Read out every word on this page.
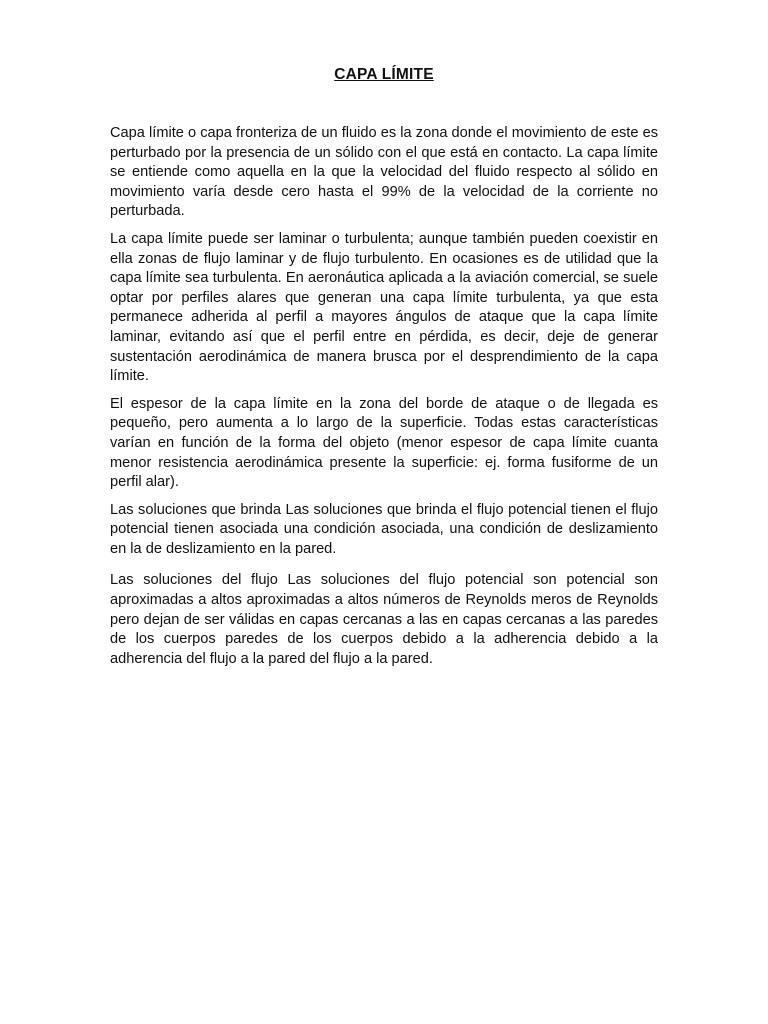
CAPA LÍMITE

Capa límite o capa fronteriza de un fluido es la zona donde el movimiento de este es perturbado por la presencia de un sólido con el que está en contacto. La capa límite se entiende como aquella en la que la velocidad del fluido respecto al sólido en movimiento varía desde cero hasta el 99% de la velocidad de la corriente no perturbada.

La capa límite puede ser laminar o turbulenta; aunque también pueden coexistir en ella zonas de flujo laminar y de flujo turbulento. En ocasiones es de utilidad que la capa límite sea turbulenta. En aeronáutica aplicada a la aviación comercial, se suele optar por perfiles alares que generan una capa límite turbulenta, ya que esta permanece adherida al perfil a mayores ángulos de ataque que la capa límite laminar, evitando así que el perfil entre en pérdida, es decir, deje de generar sustentación aerodinámica de manera brusca por el desprendimiento de la capa límite.

El espesor de la capa límite en la zona del borde de ataque o de llegada es pequeño, pero aumenta a lo largo de la superficie. Todas estas características varían en función de la forma del objeto (menor espesor de capa límite cuanta menor resistencia aerodinámica presente la superficie: ej. forma fusiforme de un perfil alar).

Las soluciones que brinda Las soluciones que brinda el flujo potencial tienen el flujo potencial tienen asociada una condición asociada, una condición de deslizamiento en la de deslizamiento en la pared.

Las soluciones del flujo Las soluciones del flujo potencial son potencial son aproximadas a altos aproximadas a altos números de Reynolds meros de Reynolds pero dejan de ser válidas en capas cercanas a las en capas cercanas a las paredes de los cuerpos paredes de los cuerpos debido a la adherencia debido a la adherencia del flujo a la pared del flujo a la pared.
